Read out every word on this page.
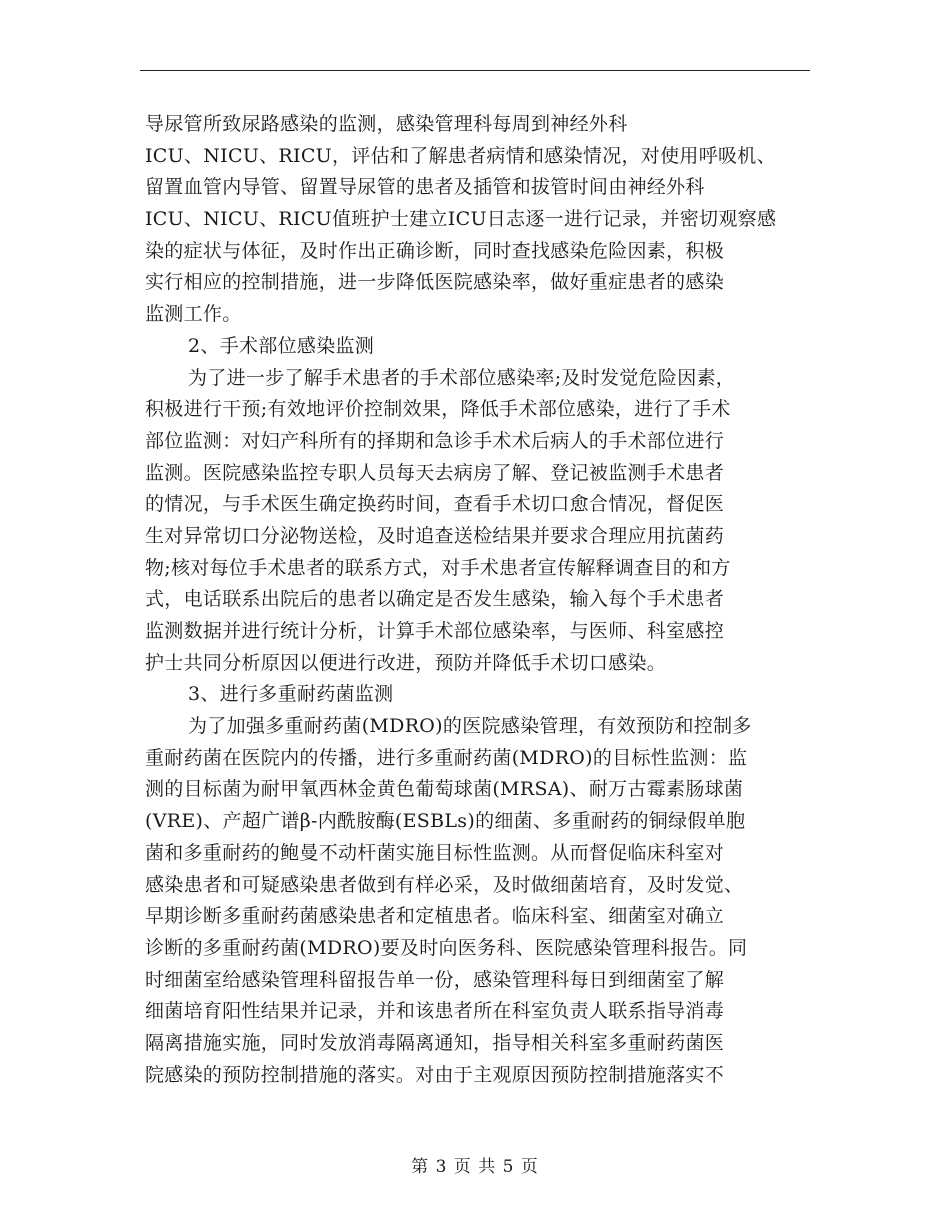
导尿管所致尿路感染的监测，感染管理科每周到神经外科
ICU、NICU、RICU，评估和了解患者病情和感染情况，对使用呼吸机、
留置血管内导管、留置导尿管的患者及插管和拔管时间由神经外科
ICU、NICU、RICU值班护士建立ICU日志逐一进行记录，并密切观察感
染的症状与体征，及时作出正确诊断，同时查找感染危险因素，积极
实行相应的控制措施，进一步降低医院感染率，做好重症患者的感染
监测工作。
2、手术部位感染监测
为了进一步了解手术患者的手术部位感染率;及时发觉危险因素，
积极进行干预;有效地评价控制效果，降低手术部位感染，进行了手术
部位监测：对妇产科所有的择期和急诊手术术后病人的手术部位进行
监测。医院感染监控专职人员每天去病房了解、登记被监测手术患者
的情况，与手术医生确定换药时间，查看手术切口愈合情况，督促医
生对异常切口分泌物送检，及时追查送检结果并要求合理应用抗菌药
物;核对每位手术患者的联系方式，对手术患者宣传解释调查目的和方
式，电话联系出院后的患者以确定是否发生感染，输入每个手术患者
监测数据并进行统计分析，计算手术部位感染率，与医师、科室感控
护士共同分析原因以便进行改进，预防并降低手术切口感染。
3、进行多重耐药菌监测
为了加强多重耐药菌(MDRO)的医院感染管理，有效预防和控制多
重耐药菌在医院内的传播，进行多重耐药菌(MDRO)的目标性监测：监
测的目标菌为耐甲氧西林金黄色葡萄球菌(MRSA)、耐万古霉素肠球菌
(VRE)、产超广谱β-内酰胺酶(ESBLs)的细菌、多重耐药的铜绿假单胞
菌和多重耐药的鲍曼不动杆菌实施目标性监测。从而督促临床科室对
感染患者和可疑感染患者做到有样必采，及时做细菌培育，及时发觉、
早期诊断多重耐药菌感染患者和定植患者。临床科室、细菌室对确立
诊断的多重耐药菌(MDRO)要及时向医务科、医院感染管理科报告。同
时细菌室给感染管理科留报告单一份，感染管理科每日到细菌室了解
细菌培育阳性结果并记录，并和该患者所在科室负责人联系指导消毒
隔离措施实施，同时发放消毒隔离通知，指导相关科室多重耐药菌医
院感染的预防控制措施的落实。对由于主观原因预防控制措施落实不
第 3 页 共 5 页
